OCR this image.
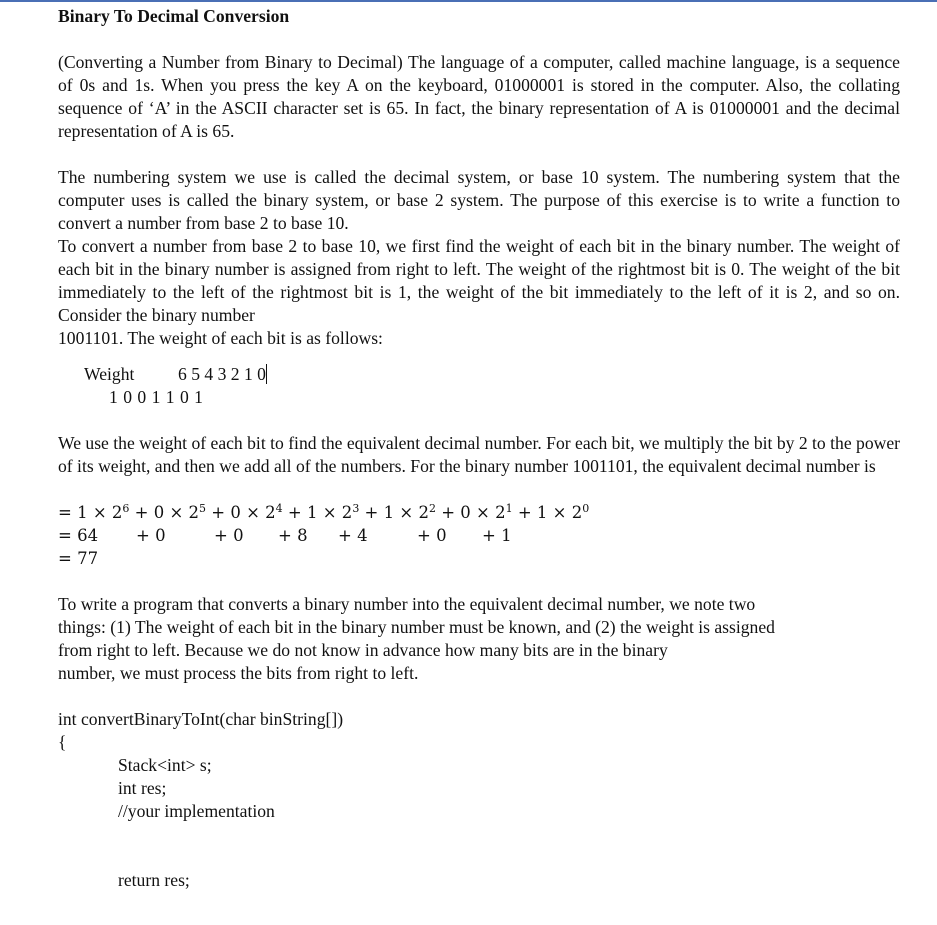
Binary To Decimal Conversion

(Converting a Number from Binary to Decimal) The language of a computer, called machine language, is a sequence of 0s and 1s. When you press the key A on the keyboard, 01000001 is stored in the computer. Also, the collating sequence of ‘A’ in the ASCII character set is 65. In fact, the binary representation of A is 01000001 and the decimal representation of A is 65.

The numbering system we use is called the decimal system, or base 10 system. The numbering system that the computer uses is called the binary system, or base 2 system. The purpose of this exercise is to write a function to convert a number from base 2 to base 10.

To convert a number from base 2 to base 10, we first find the weight of each bit in the binary number. The weight of each bit in the binary number is assigned from right to left. The weight of the rightmost bit is 0. The weight of the bit immediately to the left of the rightmost bit is 1, the weight of the bit immediately to the left of it is 2, and so on. Consider the binary number

1001101. The weight of each bit is as follows:

Weight 6 5 4 3 2 1 0
1 0 0 1 1 0 1

We use the weight of each bit to find the equivalent decimal number. For each bit, we multiply the bit by 2 to the power of its weight, and then we add all of the numbers. For the binary number 1001101, the equivalent decimal number is

= $1 \times 2^6 + 0 \times 2^5 + 0 \times 2^4 + 1 \times 2^3 + 1 \times 2^2 + 0 \times 2^1 + 1 \times 2^0$
= 64 + 0	+ 0 + 8 + 4	+ 0 + 1
= 77

To write a program that converts a binary number into the equivalent decimal number, we note two

things: (1) The weight of each bit in the binary number must be known, and (2) the weight is assigned

from right to left. Because we do not know in advance how many bits are in the binary

number, we must process the bits from right to left.

int convertBinaryToInt(char binString[])
{
Stack<int> s;
int res;
//your implementation
return res;
